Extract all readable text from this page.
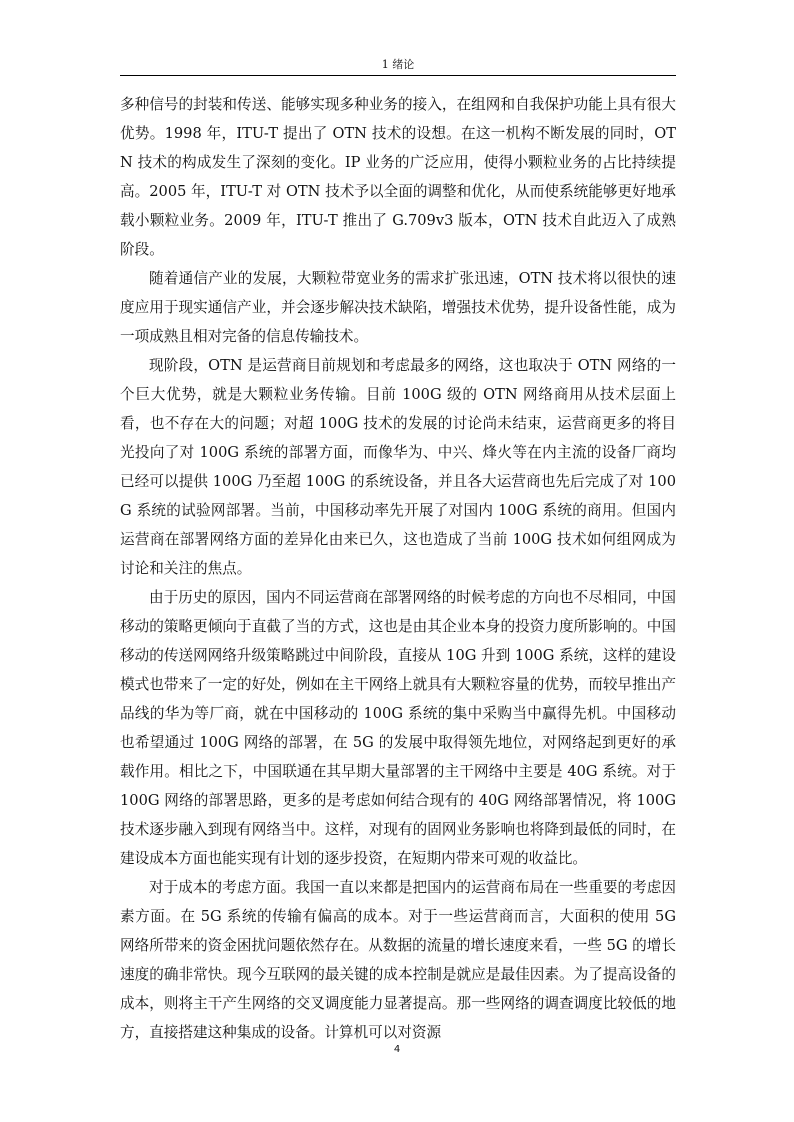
1 绪论

多种信号的封装和传送、能够实现多种业务的接入，在组网和自我保护功能上具有很大优势。1998 年，ITU-T 提出了 OTN 技术的设想。在这一机构不断发展的同时，OTN 技术的构成发生了深刻的变化。IP 业务的广泛应用，使得小颗粒业务的占比持续提高。2005 年，ITU-T 对 OTN 技术予以全面的调整和优化，从而使系统能够更好地承载小颗粒业务。2009 年，ITU-T 推出了 G.709v3 版本，OTN 技术自此迈入了成熟阶段。

随着通信产业的发展，大颗粒带宽业务的需求扩张迅速，OTN 技术将以很快的速度应用于现实通信产业，并会逐步解决技术缺陷，增强技术优势，提升设备性能，成为一项成熟且相对完备的信息传输技术。

现阶段，OTN 是运营商目前规划和考虑最多的网络，这也取决于 OTN 网络的一个巨大优势，就是大颗粒业务传输。目前 100G 级的 OTN 网络商用从技术层面上看，也不存在大的问题；对超 100G 技术的发展的讨论尚未结束，运营商更多的将目光投向了对 100G 系统的部署方面，而像华为、中兴、烽火等在内主流的设备厂商均已经可以提供 100G 乃至超 100G 的系统设备，并且各大运营商也先后完成了对 100G 系统的试验网部署。当前，中国移动率先开展了对国内 100G 系统的商用。但国内运营商在部署网络方面的差异化由来已久，这也造成了当前 100G 技术如何组网成为讨论和关注的焦点。

由于历史的原因，国内不同运营商在部署网络的时候考虑的方向也不尽相同，中国移动的策略更倾向于直截了当的方式，这也是由其企业本身的投资力度所影响的。中国移动的传送网网络升级策略跳过中间阶段，直接从 10G 升到 100G 系统，这样的建设模式也带来了一定的好处，例如在主干网络上就具有大颗粒容量的优势，而较早推出产品线的华为等厂商，就在中国移动的 100G 系统的集中采购当中赢得先机。中国移动也希望通过 100G 网络的部署，在 5G 的发展中取得领先地位，对网络起到更好的承载作用。相比之下，中国联通在其早期大量部署的主干网络中主要是 40G 系统。对于 100G 网络的部署思路，更多的是考虑如何结合现有的 40G 网络部署情况，将 100G 技术逐步融入到现有网络当中。这样，对现有的固网业务影响也将降到最低的同时，在建设成本方面也能实现有计划的逐步投资，在短期内带来可观的收益比。

对于成本的考虑方面。我国一直以来都是把国内的运营商布局在一些重要的考虑因素方面。在 5G 系统的传输有偏高的成本。对于一些运营商而言，大面积的使用 5G 网络所带来的资金困扰问题依然存在。从数据的流量的增长速度来看，一些 5G 的增长速度的确非常快。现今互联网的最关键的成本控制是就应是最佳因素。为了提高设备的成本，则将主干产生网络的交叉调度能力显著提高。那一些网络的调查调度比较低的地方，直接搭建这种集成的设备。计算机可以对资源

4
